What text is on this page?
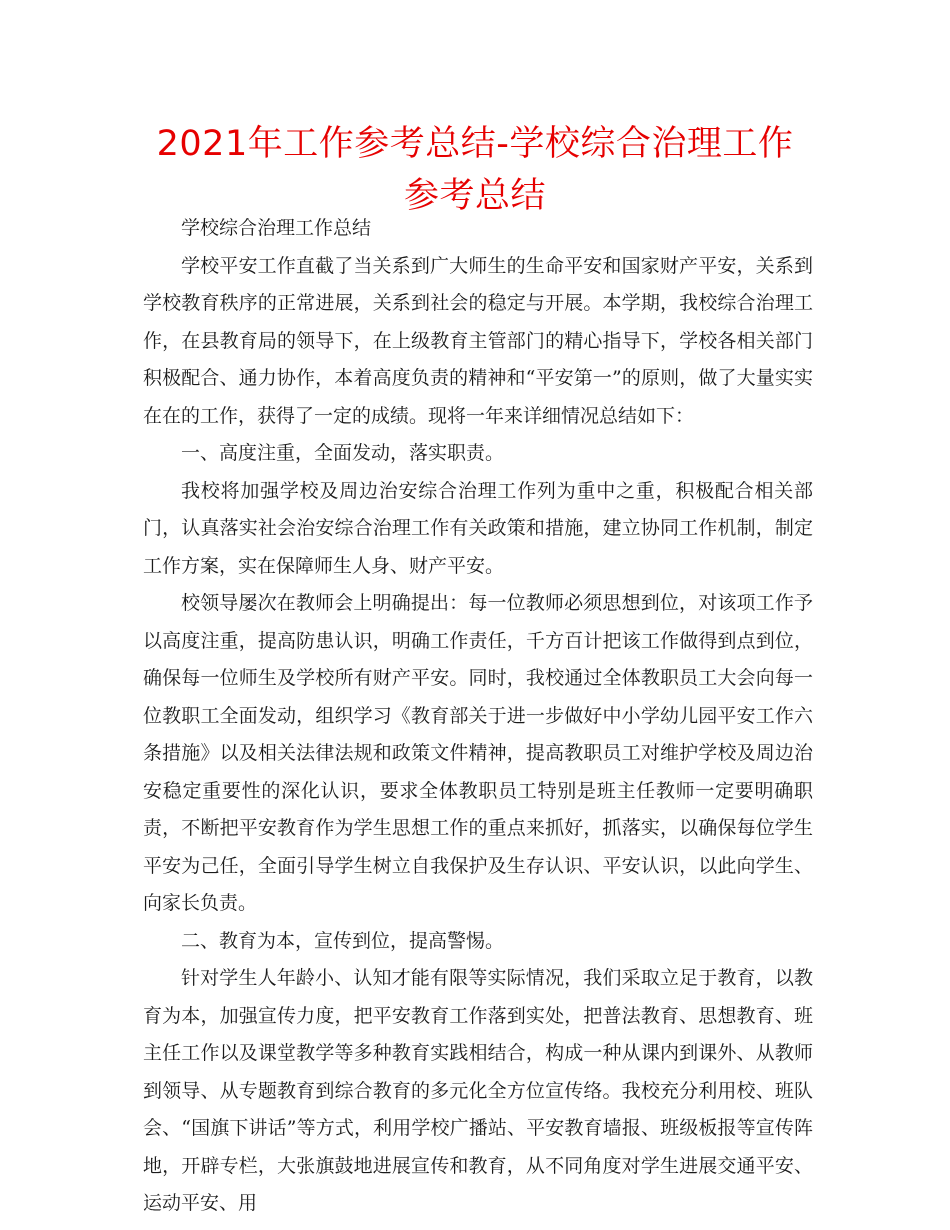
2021年工作参考总结-学校综合治理工作参考总结

学校综合治理工作总结

学校平安工作直截了当关系到广大师生的生命平安和国家财产平安，关系到学校教育秩序的正常进展，关系到社会的稳定与开展。本学期，我校综合治理工作，在县教育局的领导下，在上级教育主管部门的精心指导下，学校各相关部门积极配合、通力协作，本着高度负责的精神和“平安第一”的原则，做了大量实实在在的工作，获得了一定的成绩。现将一年来详细情况总结如下：

一、高度注重，全面发动，落实职责。

我校将加强学校及周边治安综合治理工作列为重中之重，积极配合相关部门，认真落实社会治安综合治理工作有关政策和措施，建立协同工作机制，制定工作方案，实在保障师生人身、财产平安。

校领导屡次在教师会上明确提出：每一位教师必须思想到位，对该项工作予以高度注重，提高防患认识，明确工作责任，千方百计把该工作做得到点到位，确保每一位师生及学校所有财产平安。同时，我校通过全体教职员工大会向每一位教职工全面发动，组织学习《教育部关于进一步做好中小学幼儿园平安工作六条措施》以及相关法律法规和政策文件精神，提高教职员工对维护学校及周边治安稳定重要性的深化认识，要求全体教职员工特别是班主任教师一定要明确职责，不断把平安教育作为学生思想工作的重点来抓好，抓落实，以确保每位学生平安为己任，全面引导学生树立自我保护及生存认识、平安认识，以此向学生、向家长负责。

二、教育为本，宣传到位，提高警惕。

针对学生人年龄小、认知才能有限等实际情况，我们采取立足于教育，以教育为本，加强宣传力度，把平安教育工作落到实处，把普法教育、思想教育、班主任工作以及课堂教学等多种教育实践相结合，构成一种从课内到课外、从教师到领导、从专题教育到综合教育的多元化全方位宣传络。我校充分利用校、班队会、“国旗下讲话”等方式，利用学校广播站、平安教育墙报、班级板报等宣传阵地，开辟专栏，大张旗鼓地进展宣传和教育，从不同角度对学生进展交通平安、运动平安、用
